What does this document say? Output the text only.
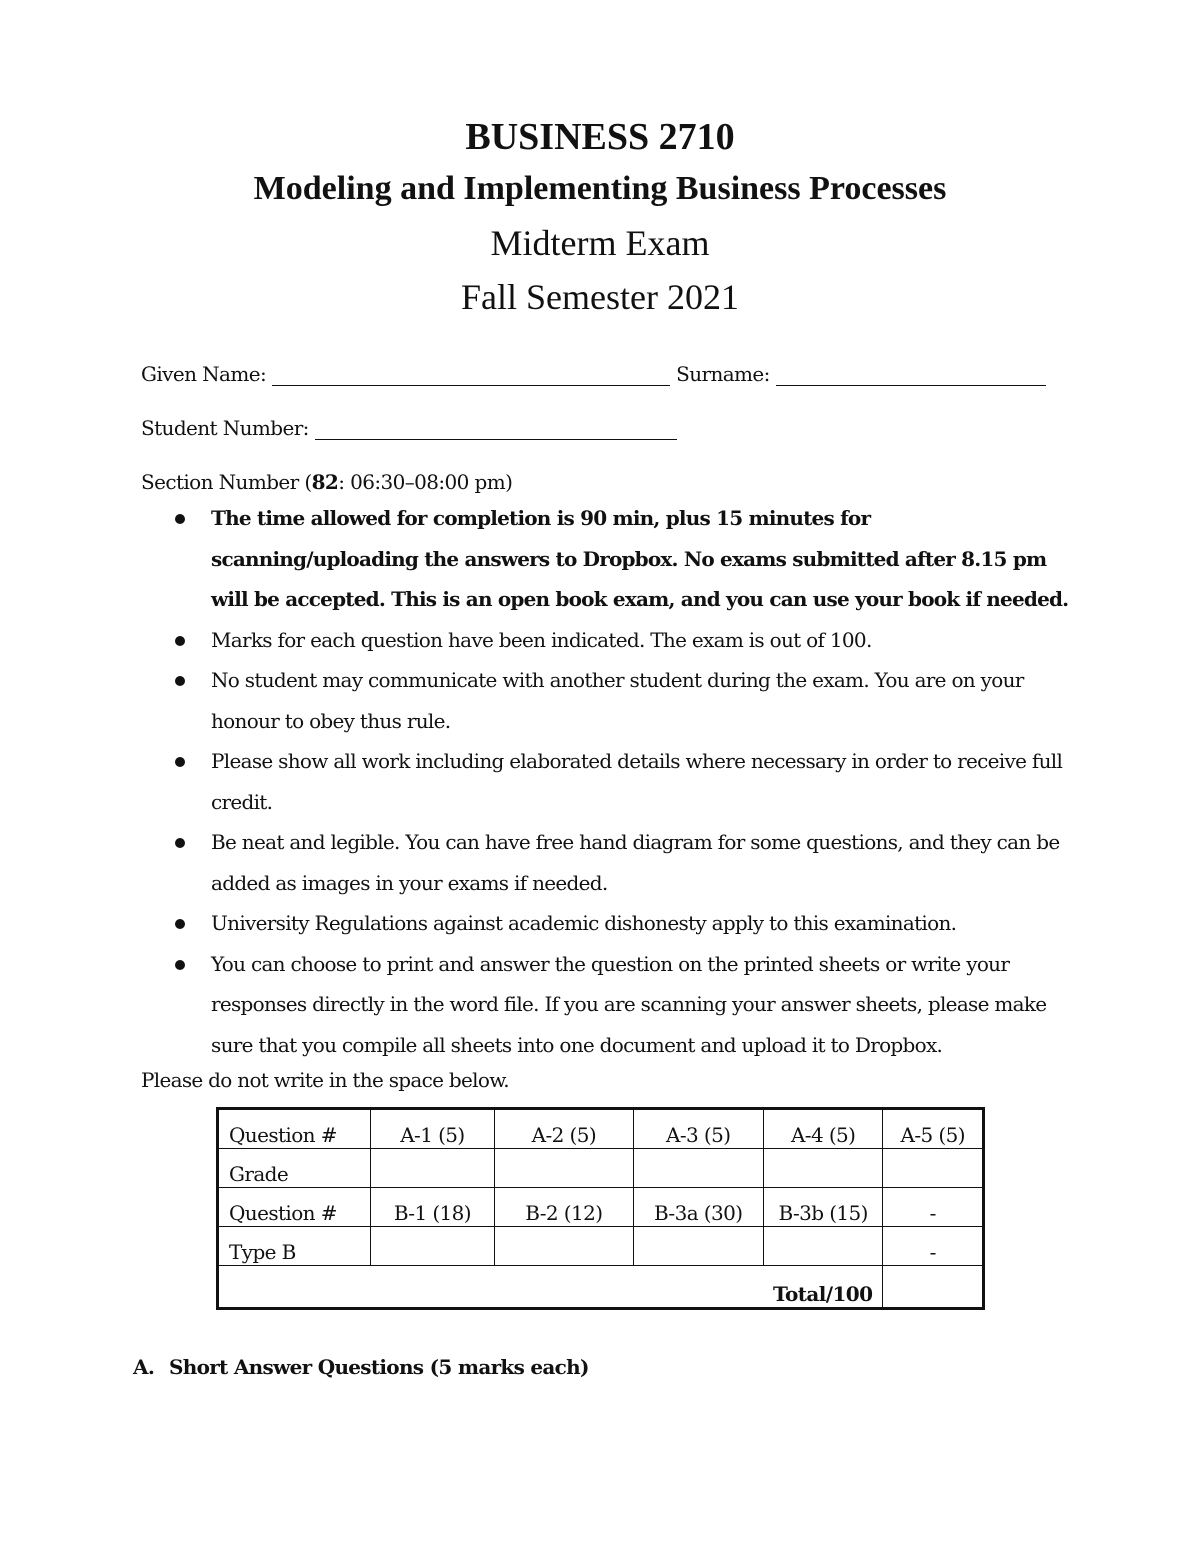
BUSINESS 2710
Modeling and Implementing Business Processes
Midterm Exam
Fall Semester 2021
Given Name:	Surname:
Student Number:
Section Number ( 82 : 06:30–08:00 pm)
The time allowed for completion is 90 min, plus 15 minutes for scanning/uploading the answers to Dropbox. No exams submitted after 8.15 pm will be accepted. This is an open book exam, and you can use your book if needed.
Marks for each question have been indicated. The exam is out of 100.
No student may communicate with another student during the exam. You are on your honour to obey thus rule.
Please show all work including elaborated details where necessary in order to receive full credit.
Be neat and legible. You can have free hand diagram for some questions, and they can be added as images in your exams if needed.
University Regulations against academic dishonesty apply to this examination.
You can choose to print and answer the question on the printed sheets or write your responses directly in the word file. If you are scanning your answer sheets, please make sure that you compile all sheets into one document and upload it to Dropbox.
Please do not write in the space below.
Question #	A-1 (5)	A-2 (5)	A-3 (5)	A-4 (5)	A-5 (5)
Grade					
Question #	B-1 (18)	B-2 (12)	B-3a (30)	B-3b (15)	-
Type B					-
Total/100					
A. Short Answer Questions (5 marks each)
